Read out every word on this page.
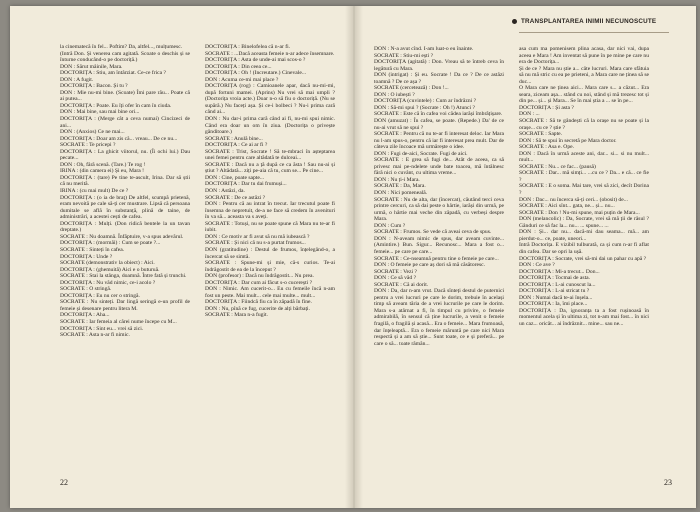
la cinematecă în fel... Poftim? Da, altfel..., mulțumesc.

(Intră Don. Și venerea cam agitată. Scoate o deschis și se înturne conducând-o pe doctoriță.)

DON : Sărut mâinile, Mara.

DOCTORIȚA : Stiu, am întârziat. Ce-ce frica ?

DON : A fugit.

DOCTORIȚA : Bacon. Și tu ?

DON : Mie nu-mi bine. (Scoate) Îmi pare rău... Poate că ai putea...

DOCTORIȚA : Poate. Eu îți ofer în cam în ciuda.

DON : Mai bine, sau mai bine ori...

DOCTORIȚA : (Merge cât a ceva numai) Cincizeci de ani...

DON : (Anxios) Ce ne mai...

DOCTORIȚA : Doar am zis că... vreau... De ce nu...

SOCRATE : Te pricepi ?

DOCTORIȚA : La ghicit viitorul, nu. (Îi ochi lui.) Dau pecate...

DON : Oh, fără scenă. (Tare.) Te rog !

IRINA : (din camera ei) Și eu, Mara !

DOCTORIȚA : (tare) Pe tine te-ascult, Irina. Dar să știi că nu merită.

IRINA : (cu mai mult) De ce ?

DOCTORIȚA : (o ia de braț) De altfel, scumpă prietenă, eram nevoită pe cale să-ți cer mustrare. Lipsă că persoana dumitale se află în substanță, plină de taine, de administrări, a acestei cești de cafea.

DOCTORIȚA : Mulți. (Don ridică bentele la un tavan dreptate.)

SOCRATE : Nu doamnă. Înfăptuire, v-a spus adevărul.

DOCTORIȚA : (mormăi) : Cum se poate ?...

SOCRATE : Sinteți în cafea.

DOCTORIȚA : Unde ?

SOCRATE (demonstrativ la obiect) : Aici.

DOCTORIȚA : (ghemuită) Aici e o buturuă.

SOCRATE : Stai la stânga, doamnă. Între fată și trunchi.

DOCTORIȚA : Nu văd nimic, ce-i acolo ?

SOCRATE : O stringă.

DOCTORIȚA : Eu nu cer o stringă.

SOCRATE : Nu sinteți. Dar lingă seringă e-un profil de femeie și desenare pentru litera M.

DOCTORIȚA : Aha...

SOCRATE : Iar femeia al cărei nume începe cu M...

DOCTORIȚA : Sint eu... vrei să zici.

SOCRATE : Asta n-ar fi nimic.

DOCTORIȚA : Binelofelea că n-ar fi.

SOCRATE : ...Dacă aceasta femeie n-ar adece însemnare.

DOCTORIȚA : Asta de unde-ai mai scos-o ?

DOCTORIȚA : Din ceea ce...

DOCTORIȚA : Oh ! (Increutare.) Cinevale...

DON : Acuma ce-mi mai place ?

DOCTORIȚA (rog) : Camioanele apar, dacă nu-mi-mi, după fortuni mamei. (Aprins) Nu vrei să mai umpli ? (Doctorița vroia acte.) Doar n-o să fiu o doctoriță. (Nu se supără.) Nu faceți așa. Și ce-i bolbeci ? Nu-i prima cară când ai...

DON : Nu dar-i prima cară când ai fi, nu-mi spui nimic. Când era doar un om în ziua. (Doctorița o privește gânditoare.)

SOCRATE : Anulă bine...

DOCTORIȚA : Ce ai ar fi ?

SOCRATE : Trist, Socrate ! Să te-mbraci în așteptarea unei femei pentru care altădată te dulceai...

SOCRATE : Dacă nu a ță după ce ca ăsta ! Sau nu-ai și știut ? Altădată... ziți pe-aia că tu, cum se... Pe cine...

DON : Cine, poate sapte...

DOCTORIȚA : Dar tu dai frumuși...

DON : Astăzi, da.

SOCRATE : De ce astăzi ?

DON : Pentru că au intrat în trecut. Iar trecutul poate fi însemna de nepretuit, de-a ne face să credem în avenituri în va să... aceasta va s aveți.

SOCRATE : Totuși, nu se poate spune că Mara nu te-ar fi iubit.

DON : Ce motiv ar fi avut să nu mă iubească ?

SOCRATE : Și nici că nu s-a purtat frumos...

DON (gratitudine) : Destul de frumos, înțelegând-o, a încercat să se simtă.

SOCRATE : Spune-mi și mie, că-s curios. Te-ai îndrăgostit de ea de la început ?

DON (profesor) : Dacă nu îndrăgostit... Nu prea.

DOCTORIȚA : Dar cum ai făcut s-o cucerești ?

DON : Nimic. Am cucerit-o... Eu cu femeile încă n-am fost un peste. Mai mult... cele mai multe... mult...

DOCTORIȚA : Fiindcă fiu ca în zăpadă în fine.

DON : Nu, pînă ce fug, cucerite de alți bărbați.

SOCRATE : Mara n-a fugit.

22
TRANSPLANTAREA INIMII NECUNOSCUTE

DON : N-a avut cînd. I-am luat-o eu înainte.

SOCRATE : Stiu-mi ești ?

DOCTORIȚA (agitată) : Don. Vreau să te întreb ceva în legătură cu Mara.

DON (intrigat) : Și eu. Socrate ! Da ce ? De ce astăzi toamnă ? De ce așa ?

SOCRATE (cercetează) : Don !...

DON : O iubești ?

DOCTORIȚA (cuvintele) : Cum ar îndrăzni ?

DON : Să-mi spui ? (Socrate : Oh !) Atunci ?

SOCRATE : Este că în cafea voi cădea iarăși îmbrățișare.

DON (amuzat) : În cafea, se poate. (Repede.) Da' de ce nu-ai vrut să ne spui ?

SOCRATE : Pentru că nu te-ar fi interesat deloc. Iar Mara nu l-am spus-o, pentru că iar fi interesat prea mult. Dar de câteva zile încoace mă urmărește o idee.

DON : Fugi de-aici, Socrate. Fugi de aici.

SOCRATE : E grea să fugi de... Atât de aceea, ca să privesc mai pe-ndelete unde bate toacea, mă întâlnesc fără nici o cuvânt, cu ultima vreme...

DON : Nu ți-i Mara.

SOCRATE : Da, Mara.

DON : Nici pomeneală.

SOCRATE : Nu de alta, dar (încercat), căutând terci ceva printre cercuri, ca să dai peste o hârtie, iarăși din urmă, pe urmă, o hârtie mai veche din zăpadă, cu verbeși despre Mara.

DON : Cum ?

SOCRATE : Frumos. Se vede că aveai ceva de spus.

DON : N-aveam nimic de spus, dar aveam cuvinte... (Amintire.) Bun. Sigur... Recunosc... Mara a fost o... femeie... pe care pe care...

SOCRATE : Ce-nseamnă pentru tine o femeie pe care...

DON : O femeie pe care aș dori să mă căsătoresc.

SOCRATE : Vezi ?

DON : Ce să văd ?

SOCRATE : Că ai dorit.

DON : Da, dar n-am vrut. Dacă sînteți destul de puternici pentru a vrei lucruri pe care le dorim, trebuie în același timp să aveam tăria de a vrei lucrurile pe care le dorim. Mara s-a atârnat a fi, în timpul cu privire, o femeie admirabilă, în sensul că ține lucrurile, a venit o femeie fragilă, o fragilă și acasă... Era o femeie... Mara frumoasă, dar înțeleaptă... Era o femeie măruntă pe care nici Mara respectă și a am să știe... Sunt toate, ce e și preferă... pe care o să... toate rămăn...

asa cum ma pomenisem plina acasa, dar nici vai, dupa aceea e Mara ! Am inventat să pune în pe mine pe care nu era de Doctorița...

Și de ce ? Mara nu știe a... câte lucruri. Mara care sfătuia să nu mă stric cu ea pe prieteni, a Mara care ne ținea să se duc...

O Mara care ne ținea aici... Mara care s... a căzut... Era seara, ziceam așa... stând cu noi, stând și mă trezesc tot și din pe... și... și Mara... Se în mai știa a ... se în pe...

DOCTORIȚA : Și asta ?

DON : ...

SOCRATE : Să te gândești că la orașe nu se poate și la orașe... cu ce ? știe ?

SOCRATE : Sapte.

DON : Să te spui în secretă pe Mara doctor.

SOCRATE : Asa e. Ope.

DON : Dacă în urmă aceste ani, dar... si... si nu mult... mult...

SOCRATE : Nu... ce fac... (pausă)

SOCRATE : Dar... mă simți... ...cu ce ? Da... e că... ce fie ?

SOCRATE : E o soma. Mai tare, vrei să zici, decît Dorina ?

DON : Dac... nu încerca să-ți ceri... (obosit) de...

SOCRATE : Aici sînt... gata, ne... și... nu...

SOCRATE : Don ! Nu-mi spune, mai puțin de Mara...

DON (melancolic) : Da, Socrate, vrei să mă ții de râsul ? Gânduri ce să fac la... nu... ... spune... ...

DON : Și... dar nu... dacă-mi dau seama... mă... am pierdut-o... ce, poate, uneori...

Intră Doctorița. E vizibil tulburată, ca și cum n-ar fi aflat din cafea. Dar se opri la ușă.

DOCTORIȚA : Socrate, vrei să-mi dai un pahar cu apă ?

DON : Ce ave ?

DOCTORIȚA : Mi-a trecut... Don...

DOCTORIȚA : Tocmai de asta.

DOCTORIȚA : L-ai cunoscut la...

DOCTORIȚA : L-ai stricat tu ?

DON : Numai dacă te-ai înșela...

DOCTORIȚA : Ia, îmi place...

DOCTORIȚA : Da, ignoranța ta a fost rușinoasă în momentul acela și în ultima zi, tot n-am mai fost... în nici un caz... oricât... ai îndrăznit... mine... sau ne...

23
